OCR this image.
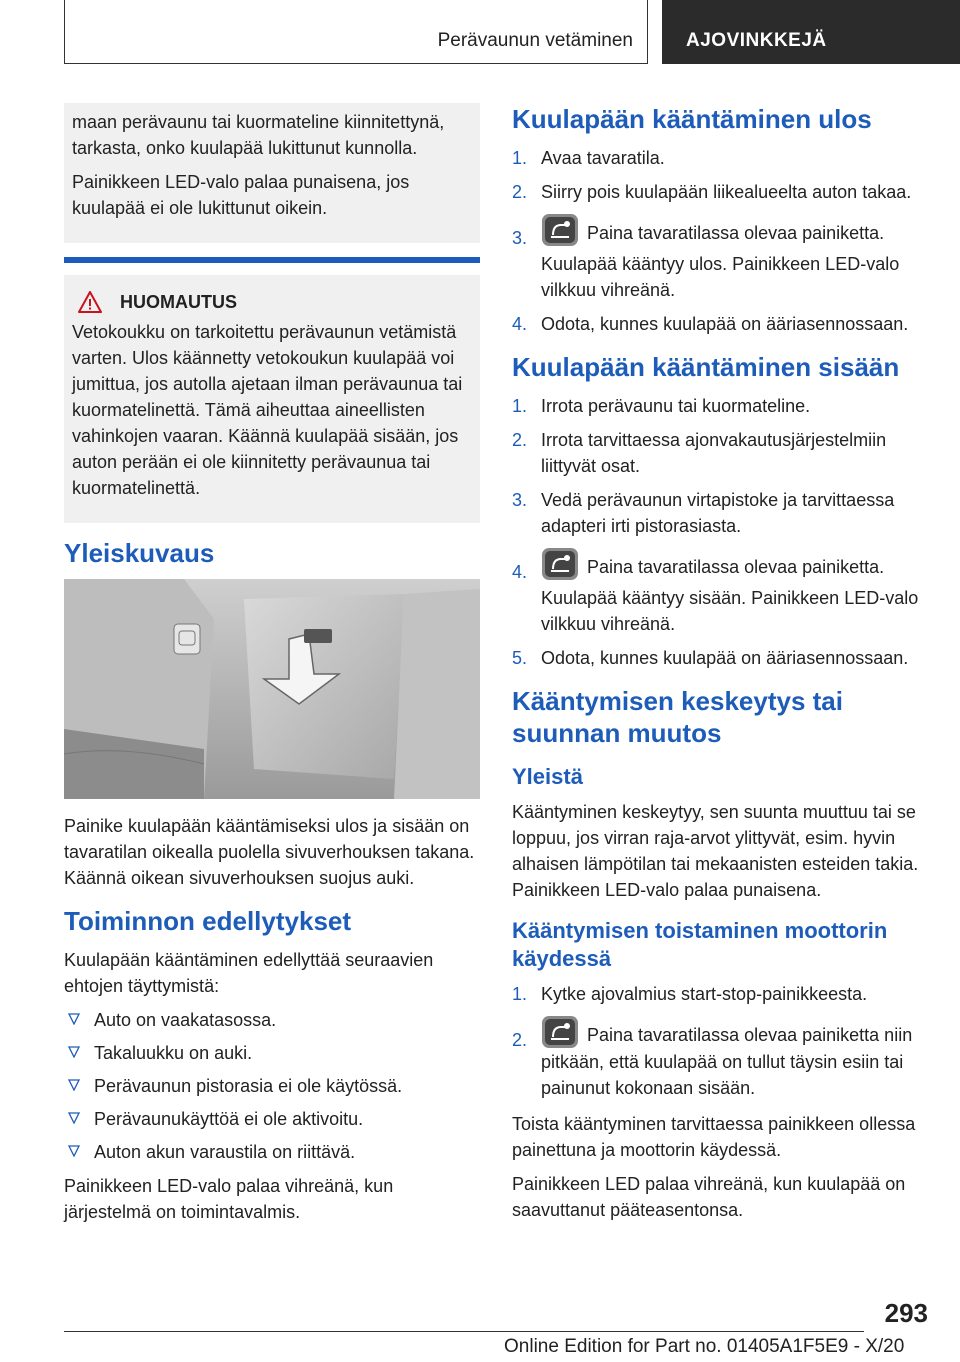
Perävaunun vetäminen	AJOVINKKEJÄ

maan perävaunu tai kuormateline kiinnitettynä, tarkasta, onko kuulapää lukittunut kunnolla.

Painikkeen LED-valo palaa punaisena, jos kuulapää ei ole lukittunut oikein.

HUOMAUTUS

Vetokoukku on tarkoitettu perävaunun vetämistä varten. Ulos käännetty vetokoukun kuulapää voi jumittua, jos autolla ajetaan ilman perävaunua tai kuormatelinettä. Tämä aiheuttaa aineellisten vahinkojen vaaran. Käännä kuulapää sisään, jos auton perään ei ole kiinnitetty perävaunua tai kuormatelinettä.

Yleiskuvaus

Painike kuulapään kääntämiseksi ulos ja sisään on tavaratilan oikealla puolella sivuverhouksen takana. Käännä oikean sivuverhouksen suojus auki.

Toiminnon edellytykset

Kuulapään kääntäminen edellyttää seuraavien ehtojen täyttymistä:

Auto on vaakatasossa.
Takaluukku on auki.
Perävaunun pistorasia ei ole käytössä.
Perävaunukäyttöä ei ole aktivoitu.
Auton akun varaustila on riittävä.

Painikkeen LED-valo palaa vihreänä, kun järjestelmä on toimintavalmis.

Kuulapään kääntäminen ulos
1. Avaa tavaratila.
2. Siirry pois kuulapään liikealueelta auton takaa.
3.	Paina tavaratilassa olevaa painiketta.
Kuulapää kääntyy ulos. Painikkeen LED-valo vilkkuu vihreänä.
4. Odota, kunnes kuulapää on ääriasennossaan.
Kuulapään kääntäminen sisään
1. Irrota perävaunu tai kuormateline.
2. Irrota tarvittaessa ajonvakautusjärjestelmiin liittyvät osat.
3. Vedä perävaunun virtapistoke ja tarvittaessa adapteri irti pistorasiasta.
4.	Paina tavaratilassa olevaa painiketta.
Kuulapää kääntyy sisään. Painikkeen LED-valo vilkkuu vihreänä.
5. Odota, kunnes kuulapää on ääriasennossaan.
Kääntymisen keskeytys tai suunnan muutos
Yleistä

Kääntyminen keskeytyy, sen suunta muuttuu tai se loppuu, jos virran raja-arvot ylittyvät, esim. hyvin alhaisen lämpötilan tai mekaanisten esteiden takia. Painikkeen LED-valo palaa punaisena.

Kääntymisen toistaminen moottorin käydessä
1. Kytke ajovalmius start-stop-painikkeesta.
2.	Paina tavaratilassa olevaa painiketta niin pitkään, että kuulapää on tullut täysin esiin tai painunut kokonaan sisään.

Toista kääntyminen tarvittaessa painikkeen ollessa painettuna ja moottorin käydessä.

Painikkeen LED palaa vihreänä, kun kuulapää on saavuttanut pääteasentonsa.

293
Online Edition for Part no. 01405A1F5E9 - X/20
